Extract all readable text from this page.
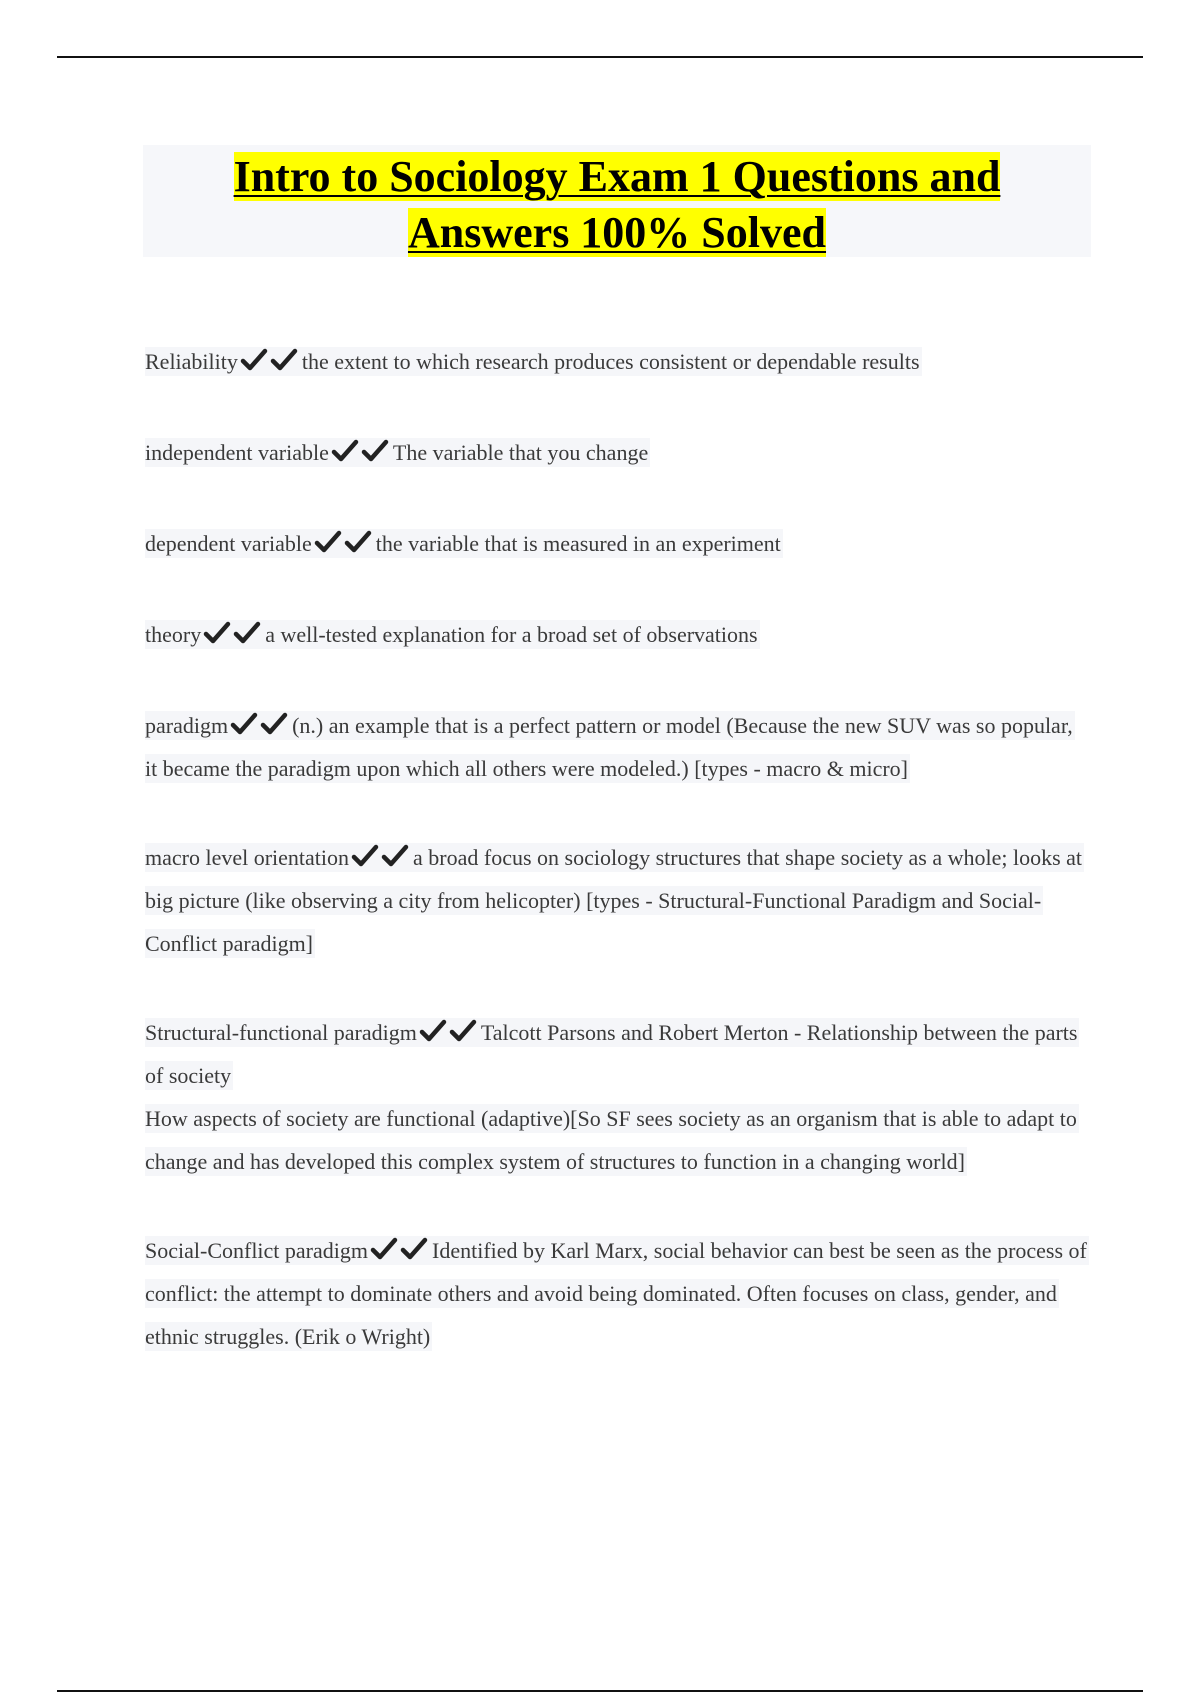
Intro to Sociology Exam 1 Questions and
Answers 100% Solved

Reliability	the extent to which research produces consistent or dependable results

independent variable	The variable that you change

dependent variable	the variable that is measured in an experiment

theory	a well-tested explanation for a broad set of observations

paradigm	(n.) an example that is a perfect pattern or model (Because the new SUV was so popular, it became the paradigm upon which all others were modeled.) [types - macro & micro]

macro level orientation	a broad focus on sociology structures that shape society as a whole; looks at big picture (like observing a city from helicopter) [types - Structural-Functional Paradigm and Social-Conflict paradigm]

Structural-functional paradigm	Talcott Parsons and Robert Merton - Relationship between the parts of society
How aspects of society are functional (adaptive)[So SF sees society as an organism that is able to adapt to change and has developed this complex system of structures to function in a changing world]

Social-Conflict paradigm	Identified by Karl Marx, social behavior can best be seen as the process of conflict: the attempt to dominate others and avoid being dominated. Often focuses on class, gender, and ethnic struggles. (Erik o Wright)
